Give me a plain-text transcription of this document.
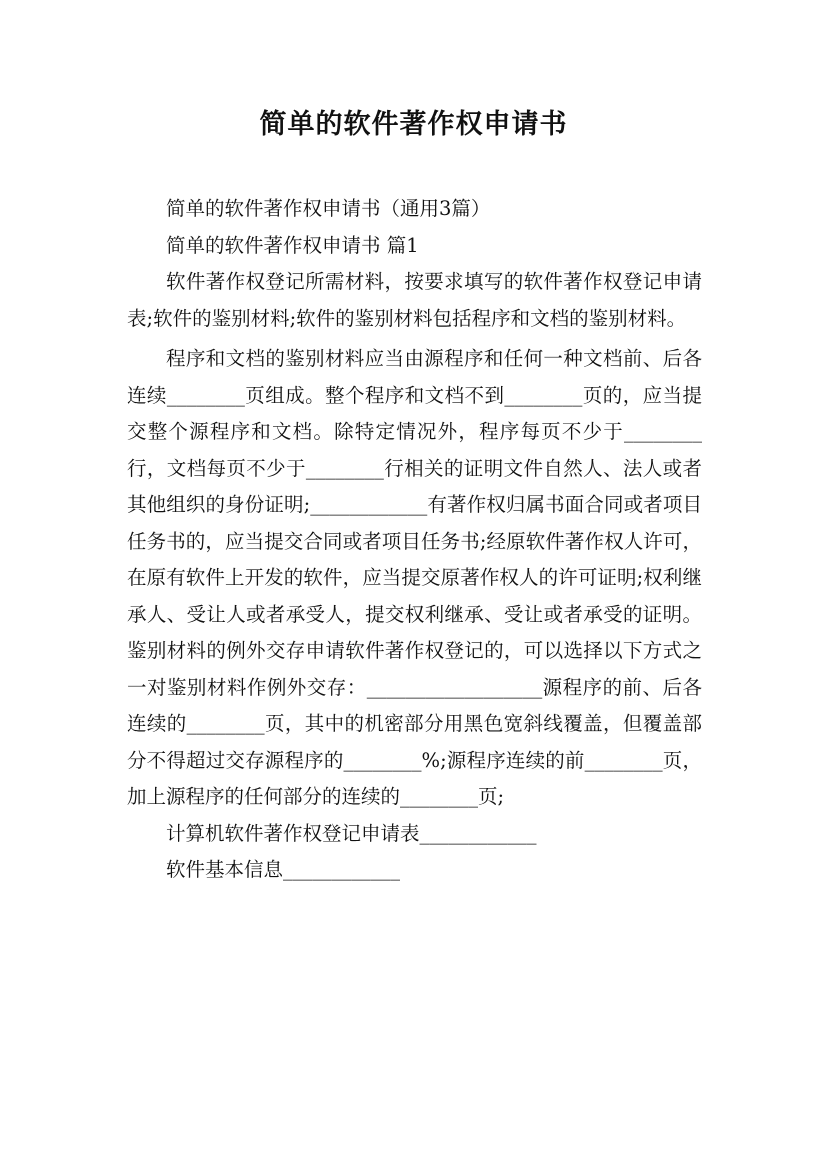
简单的软件著作权申请书

简单的软件著作权申请书（通用3篇）

简单的软件著作权申请书 篇1

软件著作权登记所需材料，按要求填写的软件著作权登记申请表;软件的鉴别材料;软件的鉴别材料包括程序和文档的鉴别材料。

程序和文档的鉴别材料应当由源程序和任何一种文档前、后各连续________页组成。整个程序和文档不到________页的，应当提交整个源程序和文档。除特定情况外，程序每页不少于________行，文档每页不少于________行相关的证明文件自然人、法人或者其他组织的身份证明;____________有著作权归属书面合同或者项目任务书的，应当提交合同或者项目任务书;经原软件著作权人许可，在原有软件上开发的软件，应当提交原著作权人的许可证明;权利继承人、受让人或者承受人，提交权利继承、受让或者承受的证明。鉴别材料的例外交存申请软件著作权登记的，可以选择以下方式之一对鉴别材料作例外交存：__________________源程序的前、后各连续的________页，其中的机密部分用黑色宽斜线覆盖，但覆盖部分不得超过交存源程序的________%;源程序连续的前________页，加上源程序的任何部分的连续的________页;

计算机软件著作权登记申请表____________

软件基本信息____________
